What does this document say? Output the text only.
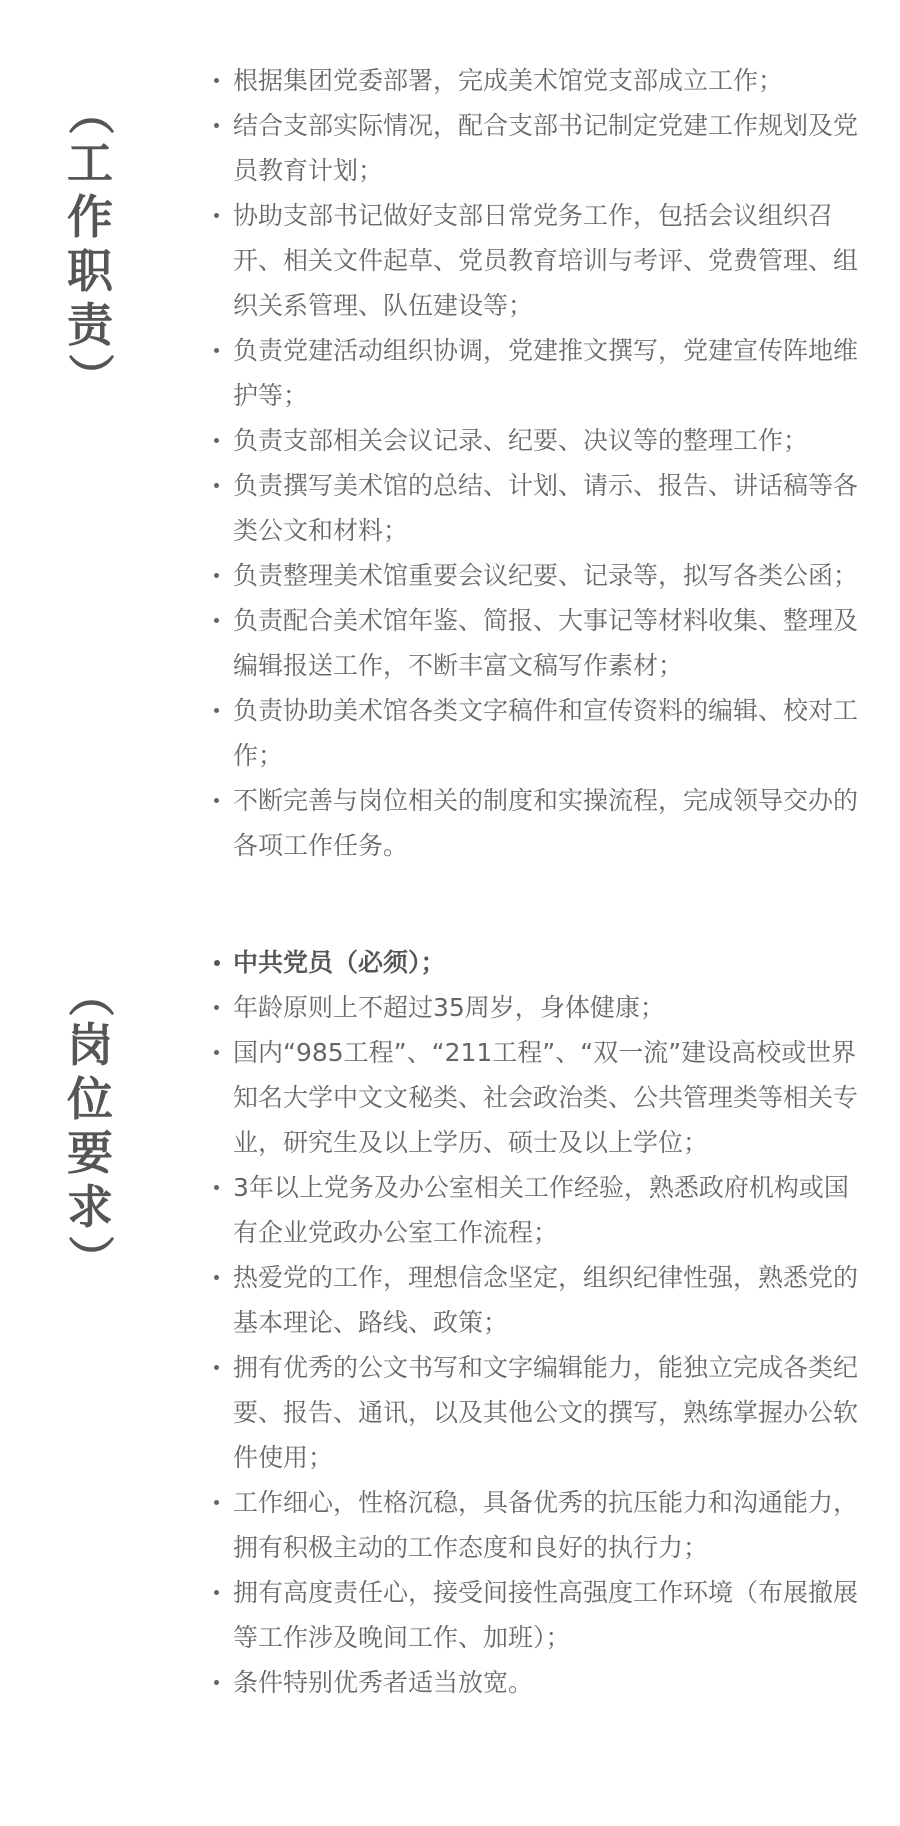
（
工
作
职
责
）
根据集团党委部署，完成美术馆党支部成立工作；
结合支部实际情况，配合支部书记制定党建工作规划及党员教育计划；
协助支部书记做好支部日常党务工作，包括会议组织召开、相关文件起草、党员教育培训与考评、党费管理、组织关系管理、队伍建设等；
负责党建活动组织协调，党建推文撰写，党建宣传阵地维护等；
负责支部相关会议记录、纪要、决议等的整理工作；
负责撰写美术馆的总结、计划、请示、报告、讲话稿等各类公文和材料；
负责整理美术馆重要会议纪要、记录等，拟写各类公函；
负责配合美术馆年鉴、简报、大事记等材料收集、整理及编辑报送工作，不断丰富文稿写作素材；
负责协助美术馆各类文字稿件和宣传资料的编辑、校对工作；
不断完善与岗位相关的制度和实操流程，完成领导交办的各项工作任务。
（
岗
位
要
求
）
中共党员（必须）；
年龄原则上不超过35周岁，身体健康；
国内“985工程”、“211工程”、“双一流”建设高校或世界知名大学中文文秘类、社会政治类、公共管理类等相关专业，研究生及以上学历、硕士及以上学位；
3年以上党务及办公室相关工作经验，熟悉政府机构或国有企业党政办公室工作流程；
热爱党的工作，理想信念坚定，组织纪律性强，熟悉党的基本理论、路线、政策；
拥有优秀的公文书写和文字编辑能力，能独立完成各类纪要、报告、通讯，以及其他公文的撰写，熟练掌握办公软件使用；
工作细心，性格沉稳，具备优秀的抗压能力和沟通能力，拥有积极主动的工作态度和良好的执行力；
拥有高度责任心，接受间接性高强度工作环境（布展撤展等工作涉及晚间工作、加班）；
条件特别优秀者适当放宽。
